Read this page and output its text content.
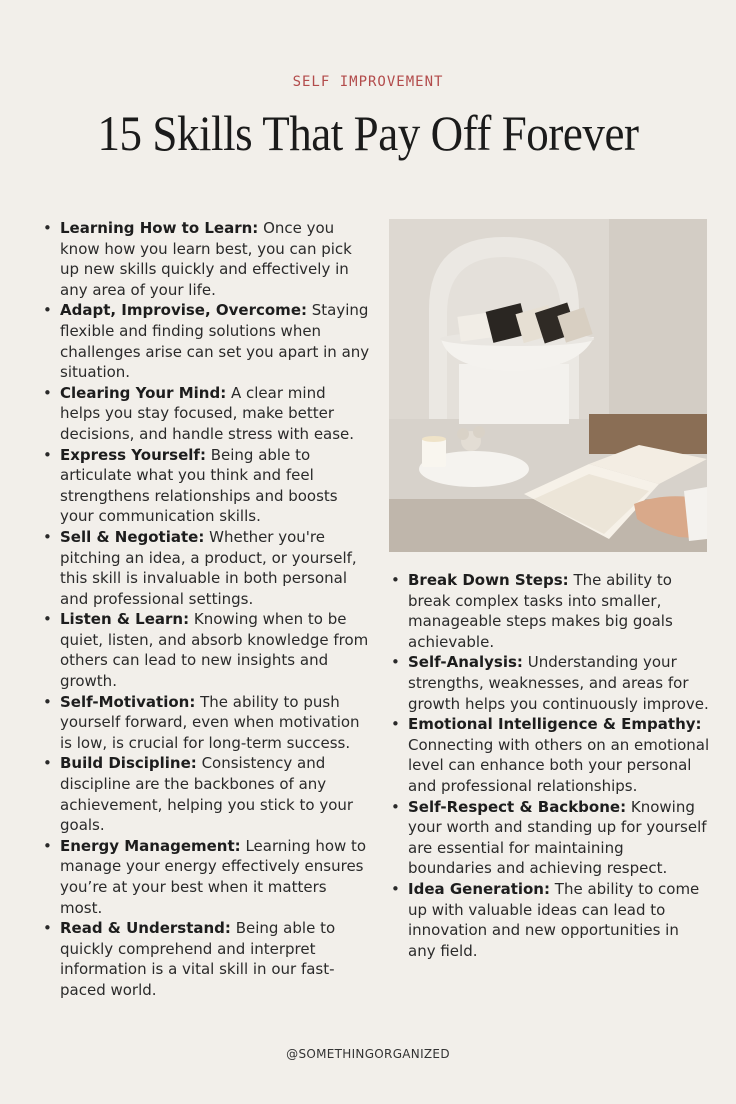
SELF IMPROVEMENT
15 Skills That Pay Off Forever
• Learning How to Learn: Once you know how you learn best, you can pick up new skills quickly and effectively in any area of your life.
• Adapt, Improvise, Overcome: Staying flexible and finding solutions when challenges arise can set you apart in any situation.
• Clearing Your Mind: A clear mind helps you stay focused, make better decisions, and handle stress with ease.
• Express Yourself: Being able to articulate what you think and feel strengthens relationships and boosts your communication skills.
• Sell & Negotiate: Whether you're pitching an idea, a product, or yourself, this skill is invaluable in both personal and professional settings.
• Listen & Learn: Knowing when to be quiet, listen, and absorb knowledge from others can lead to new insights and growth.
• Self-Motivation: The ability to push yourself forward, even when motivation is low, is crucial for long-term success.
• Build Discipline: Consistency and discipline are the backbones of any achievement, helping you stick to your goals.
• Energy Management: Learning how to manage your energy effectively ensures you’re at your best when it matters most.
• Read & Understand: Being able to quickly comprehend and interpret information is a vital skill in our fast-paced world.
• Break Down Steps: The ability to break complex tasks into smaller, manageable steps makes big goals achievable.
• Self-Analysis: Understanding your strengths, weaknesses, and areas for growth helps you continuously improve.
• Emotional Intelligence & Empathy: Connecting with others on an emotional level can enhance both your personal and professional relationships.
• Self-Respect & Backbone: Knowing your worth and standing up for yourself are essential for maintaining boundaries and achieving respect.
• Idea Generation: The ability to come up with valuable ideas can lead to innovation and new opportunities in any field.
@SOMETHINGORGANIZED
